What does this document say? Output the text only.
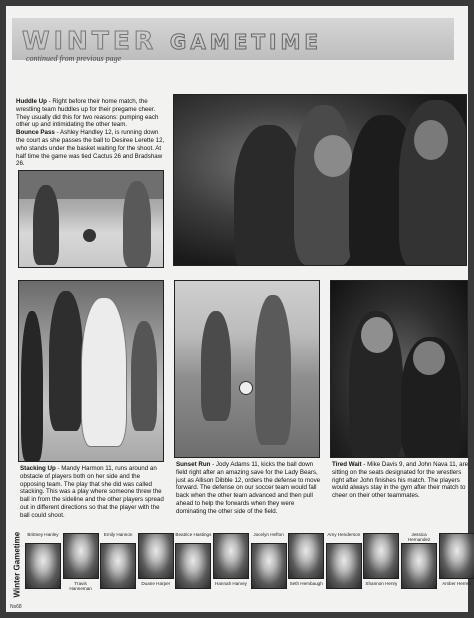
WINTER GAMETIME
continued from previous page
Huddle Up - Right before their home match, the wrestling team huddles up for their pregame cheer. They usually did this for two reasons: pumping each other up and intimidating the other team.
Bounce Pass - Ashley Handley 12, is running down the court as she passes the ball to Desiree Lerette 12, who stands under the basket waiting for the shoot. At half time the game was tied Cactus 26 and Bradshaw 26.
Stacking Up - Mandy Harmon 11, runs around an obstacle of players both on her side and the opposing team. The play that she did was called stacking. This was a play where someone threw the ball in from the sideline and the other players spread out in different directions so that the player with the ball could shoot.
Sunset Run - Jody Adams 11, kicks the ball down field right after an amazing save for the Lady Bears, just as Allison Dibble 12, orders the defense to move forward. The defense on our soccer team would fall back when the other team advanced and then pull ahead to help the forwards when they were dominating the other side of the field.
Tired Wait - Mike Davis 9, and John Nava 11, are sitting on the seats designated for the wrestlers right after John finishes his match. The players would always stay in the gym after their match to cheer on their other teammates.
Winter Gametime
Ns68
Brittney Hanley
Travis Hanneman
Emily Hannon
Duane Harper
Beatrice Hastings
Hannah Harvey
Jocelyn Hefton
Seth Hembaugh
Amy Henderson
Shannon Henry
Jessica Hernandez
Amber Herren
